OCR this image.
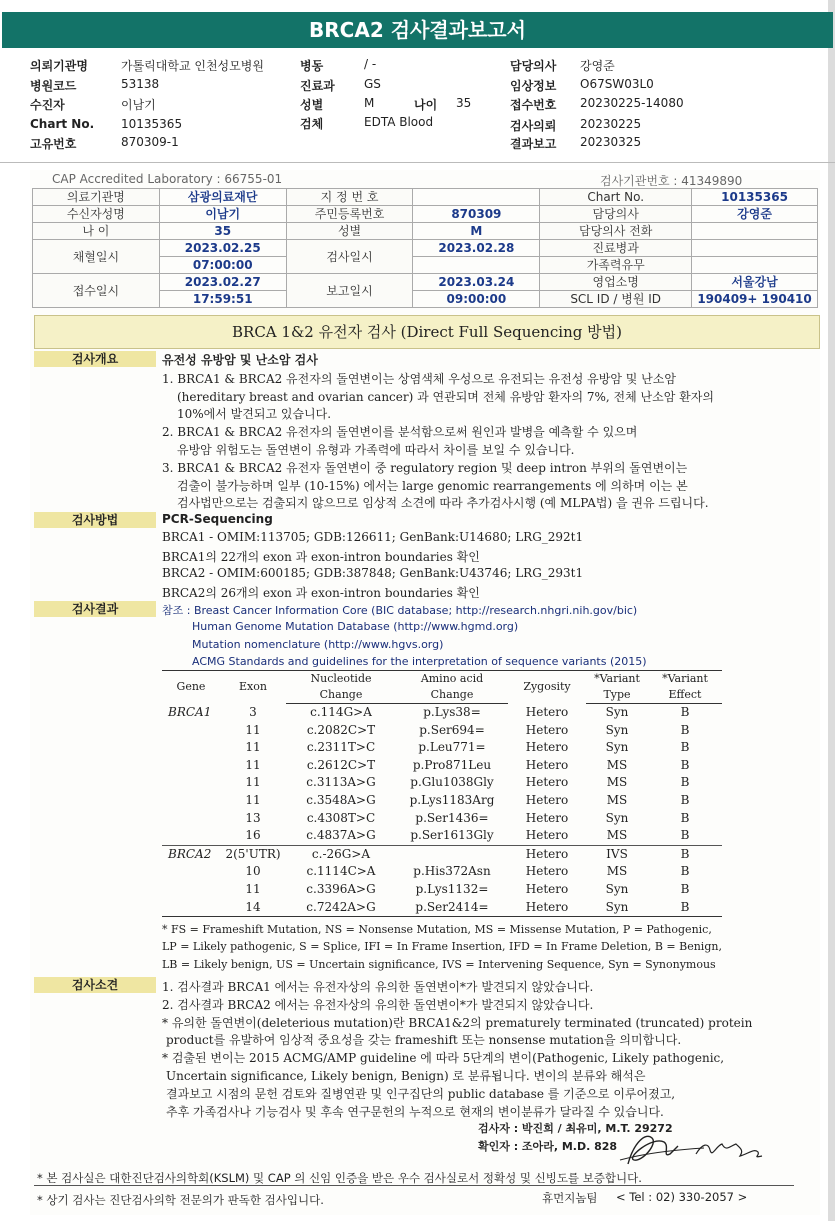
BRCA2 검사결과보고서
의뢰기관명	가톨릭대학교 인천성모병원
병원코드	53138
수진자	이남기
Chart No. 10135365
고유번호	870309-1
병동	/ -
진료과 GS
성별	M	나이 35
검체	EDTA Blood
담당의사 강영준
임상정보 O67SW03L0
접수번호 20230225-14080
검사의뢰 20230225
결과보고 20230325
CAP Accredited Laboratory : 66755-01	검사기관번호 : 41349890
의료기관명	삼광의료재단	지 정 번 호		Chart No.	10135365
수신자성명	이남기	주민등록번호	870309	담당의사	강영준
나 이	35	성별	M	담당의사 전화	
채혈일시	2023.02.25	검사일시	2023.02.28	진료병과	
	07:00:00			가족력유무	
접수일시	2023.02.27	보고일시	2023.03.24	영업소명	서울강남
	17:59:51		09:00:00	SCL ID / 병원 ID	190409+ 190410
BRCA 1&2 유전자 검사 (Direct Full Sequencing 방법)
검사개요	유전성 유방암 및 난소암 검사
1. BRCA1 & BRCA2 유전자의 돌연변이는 상염색체 우성으로 유전되는 유전성 유방암 및 난소암
(hereditary breast and ovarian cancer) 과 연관되며 전체 유방암 환자의 7%, 전체 난소암 환자의
10%에서 발견되고 있습니다.
2. BRCA1 & BRCA2 유전자의 돌연변이를 분석함으로써 원인과 발병을 예측할 수 있으며
유방암 위험도는 돌연변이 유형과 가족력에 따라서 차이를 보일 수 있습니다.
3. BRCA1 & BRCA2 유전자 돌연변이 중 regulatory region 및 deep intron 부위의 돌연변이는
검출이 불가능하며 일부 (10-15%) 에서는 large genomic rearrangements 에 의하며 이는 본
검사법만으로는 검출되지 않으므로 임상적 소견에 따라 추가검사시행 (예 MLPA법) 을 권유 드립니다.
검사방법	PCR-Sequencing
BRCA1 - OMIM:113705; GDB:126611; GenBank:U14680; LRG_292t1
BRCA1의 22개의 exon 과 exon-intron boundaries 확인
BRCA2 - OMIM:600185; GDB:387848; GenBank:U43746; LRG_293t1
BRCA2의 26개의 exon 과 exon-intron boundaries 확인
검사결과	참조 : Breast Cancer Information Core (BIC database; http://research.nhgri.nih.gov/bic)
Human Genome Mutation Database (http://www.hgmd.org)
Mutation nomenclature (http://www.hgvs.org)
ACMG Standards and guidelines for the interpretation of sequence variants (2015)
Gene	Exon	Nucleotide	Amino acid	Zygosity	*Variant	*Variant
		Change	Change		Type	Effect
BRCA1	3	c.114G>A	p.Lys38=	Hetero	Syn	B
	11	c.2082C>T	p.Ser694=	Hetero	Syn	B
	11	c.2311T>C	p.Leu771=	Hetero	Syn	B
	11	c.2612C>T	p.Pro871Leu	Hetero	MS	B
	11	c.3113A>G	p.Glu1038Gly	Hetero	MS	B
	11	c.3548A>G	p.Lys1183Arg	Hetero	MS	B
	13	c.4308T>C	p.Ser1436=	Hetero	Syn	B
	16	c.4837A>G	p.Ser1613Gly	Hetero	MS	B
BRCA2	2(5'UTR)	c.-26G>A		Hetero	IVS	B
	10	c.1114C>A	p.His372Asn	Hetero	MS	B
	11	c.3396A>G	p.Lys1132=	Hetero	Syn	B
	14	c.7242A>G	p.Ser2414=	Hetero	Syn	B
* FS = Frameshift Mutation, NS = Nonsense Mutation, MS = Missense Mutation, P = Pathogenic,
LP = Likely pathogenic, S = Splice, IFI = In Frame Insertion, IFD = In Frame Deletion, B = Benign,
LB = Likely benign, US = Uncertain significance, IVS = Intervening Sequence, Syn = Synonymous
검사소견	1. 검사결과 BRCA1 에서는 유전자상의 유의한 돌연변이*가 발견되지 않았습니다.
2. 검사결과 BRCA2 에서는 유전자상의 유의한 돌연변이*가 발견되지 않았습니다.
* 유의한 돌연변이(deleterious mutation)란 BRCA1&2의 prematurely terminated (truncated) protein
product를 유발하여 임상적 중요성을 갖는 frameshift 또는 nonsense mutation을 의미합니다.
* 검출된 변이는 2015 ACMG/AMP guideline 에 따라 5단계의 변이(Pathogenic, Likely pathogenic,
Uncertain significance, Likely benign, Benign) 로 분류됩니다. 변이의 분류와 해석은
결과보고 시점의 문헌 검토와 질병연관 및 인구집단의 public database 를 기준으로 이루어졌고,
추후 가족검사나 기능검사 및 후속 연구문헌의 누적으로 현재의 변이분류가 달라질 수 있습니다.
검사자 : 박진희 / 최유미, M.T. 29272
확인자 : 조아라, M.D. 828
* 본 검사실은 대한진단검사의학회(KSLM) 및 CAP 의 신임 인증을 받은 우수 검사실로서 정확성 및 신빙도를 보증합니다.
* 상기 검사는 진단검사의학 전문의가 판독한 검사입니다.	휴먼지놈팀 < Tel : 02) 330-2057 >
